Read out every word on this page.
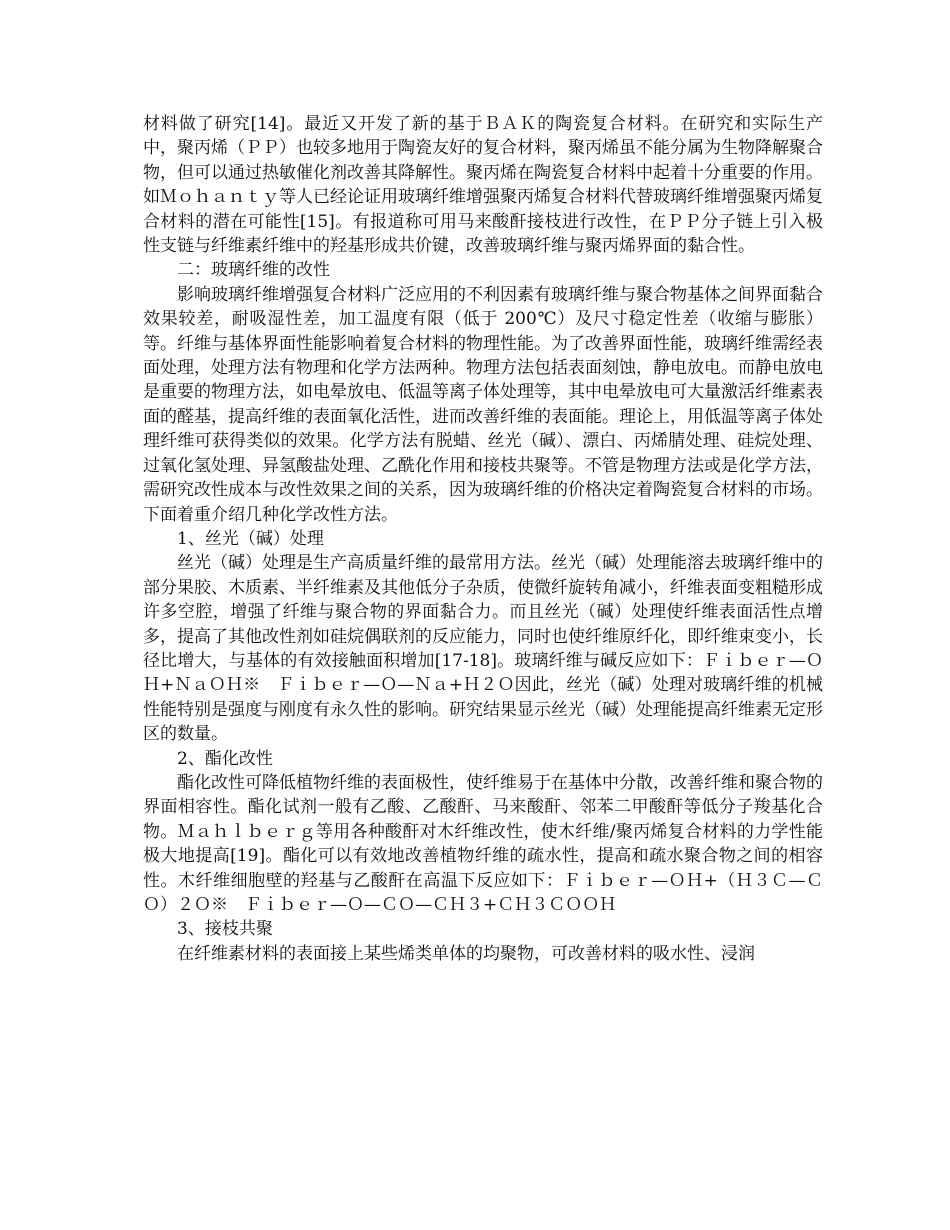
材料做了研究[14]。最近又开发了新的基于ＢＡＫ的陶瓷复合材料。在研究和实际生产中，聚丙烯（ＰＰ）也较多地用于陶瓷友好的复合材料，聚丙烯虽不能分属为生物降解聚合物，但可以通过热敏催化剂改善其降解性。聚丙烯在陶瓷复合材料中起着十分重要的作用。如Ｍｏｈａｎｔｙ等人已经论证用玻璃纤维增强聚丙烯复合材料代替玻璃纤维增强聚丙烯复合材料的潜在可能性[15]。有报道称可用马来酸酐接枝进行改性，在ＰＰ分子链上引入极性支链与纤维素纤维中的羟基形成共价键，改善玻璃纤维与聚丙烯界面的黏合性。

二：玻璃纤维的改性

影响玻璃纤维增强复合材料广泛应用的不利因素有玻璃纤维与聚合物基体之间界面黏合效果较差，耐吸湿性差，加工温度有限（低于 200℃）及尺寸稳定性差（收缩与膨胀）等。纤维与基体界面性能影响着复合材料的物理性能。为了改善界面性能，玻璃纤维需经表面处理，处理方法有物理和化学方法两种。物理方法包括表面刻蚀，静电放电。而静电放电是重要的物理方法，如电晕放电、低温等离子体处理等，其中电晕放电可大量激活纤维素表面的醛基，提高纤维的表面氧化活性，进而改善纤维的表面能。理论上，用低温等离子体处理纤维可获得类似的效果。化学方法有脱蜡、丝光（碱）、漂白、丙烯腈处理、硅烷处理、过氧化氢处理、异氢酸盐处理、乙酰化作用和接枝共聚等。不管是物理方法或是化学方法，需研究改性成本与改性效果之间的关系，因为玻璃纤维的价格决定着陶瓷复合材料的市场。下面着重介绍几种化学改性方法。

1、丝光（碱）处理

丝光（碱）处理是生产高质量纤维的最常用方法。丝光（碱）处理能溶去玻璃纤维中的部分果胶、木质素、半纤维素及其他低分子杂质，使微纤旋转角减小，纤维表面变粗糙形成许多空腔，增强了纤维与聚合物的界面黏合力。而且丝光（碱）处理使纤维表面活性点增多，提高了其他改性剂如硅烷偶联剂的反应能力，同时也使纤维原纤化，即纤维束变小，长径比增大，与基体的有效接触面积增加[17-18]。玻璃纤维与碱反应如下：Ｆｉｂｅｒ—ＯＨ+ＮａＯＨ※　Ｆｉｂｅｒ—Ｏ—Ｎａ+Ｈ２Ｏ因此，丝光（碱）处理对玻璃纤维的机械性能特别是强度与刚度有永久性的影响。研究结果显示丝光（碱）处理能提高纤维素无定形区的数量。

2、酯化改性

酯化改性可降低植物纤维的表面极性，使纤维易于在基体中分散，改善纤维和聚合物的界面相容性。酯化试剂一般有乙酸、乙酸酐、马来酸酐、邻苯二甲酸酐等低分子羧基化合物。Ｍａｈｌｂｅｒｇ等用各种酸酐对木纤维改性，使木纤维/聚丙烯复合材料的力学性能极大地提高[19]。酯化可以有效地改善植物纤维的疏水性，提高和疏水聚合物之间的相容性。木纤维细胞壁的羟基与乙酸酐在高温下反应如下：Ｆｉｂｅｒ—ＯＨ+（Ｈ３Ｃ—ＣＯ）２Ｏ※　Ｆｉｂｅｒ—Ｏ—ＣＯ—ＣＨ３+ＣＨ３ＣＯＯＨ

3、接枝共聚

在纤维素材料的表面接上某些烯类单体的均聚物，可改善材料的吸水性、浸润
